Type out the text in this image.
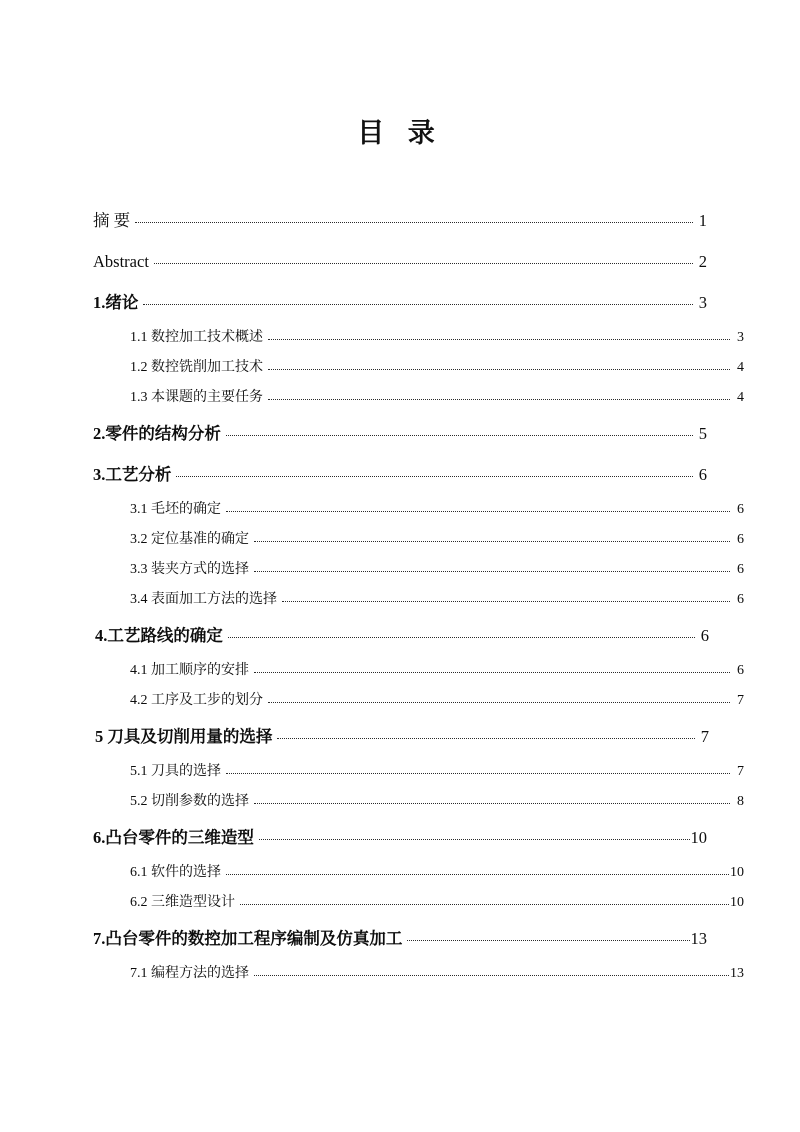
目 录
摘 要	1
Abstract	2
1.绪论	3
1.1 数控加工技术概述	3
1.2 数控铣削加工技术	4
1.3 本课题的主要任务	4
2.零件的结构分析	5
3.工艺分析	6
3.1 毛坯的确定	6
3.2 定位基准的确定	6
3.3 装夹方式的选择	6
3.4 表面加工方法的选择	6
4.工艺路线的确定	6
4.1 加工顺序的安排	6
4.2 工序及工步的划分	7
5 刀具及切削用量的选择	7
5.1 刀具的选择	7
5.2 切削参数的选择	8
6.凸台零件的三维造型	10
6.1 软件的选择	10
6.2 三维造型设计	10
7.凸台零件的数控加工程序编制及仿真加工	13
7.1 编程方法的选择	13
